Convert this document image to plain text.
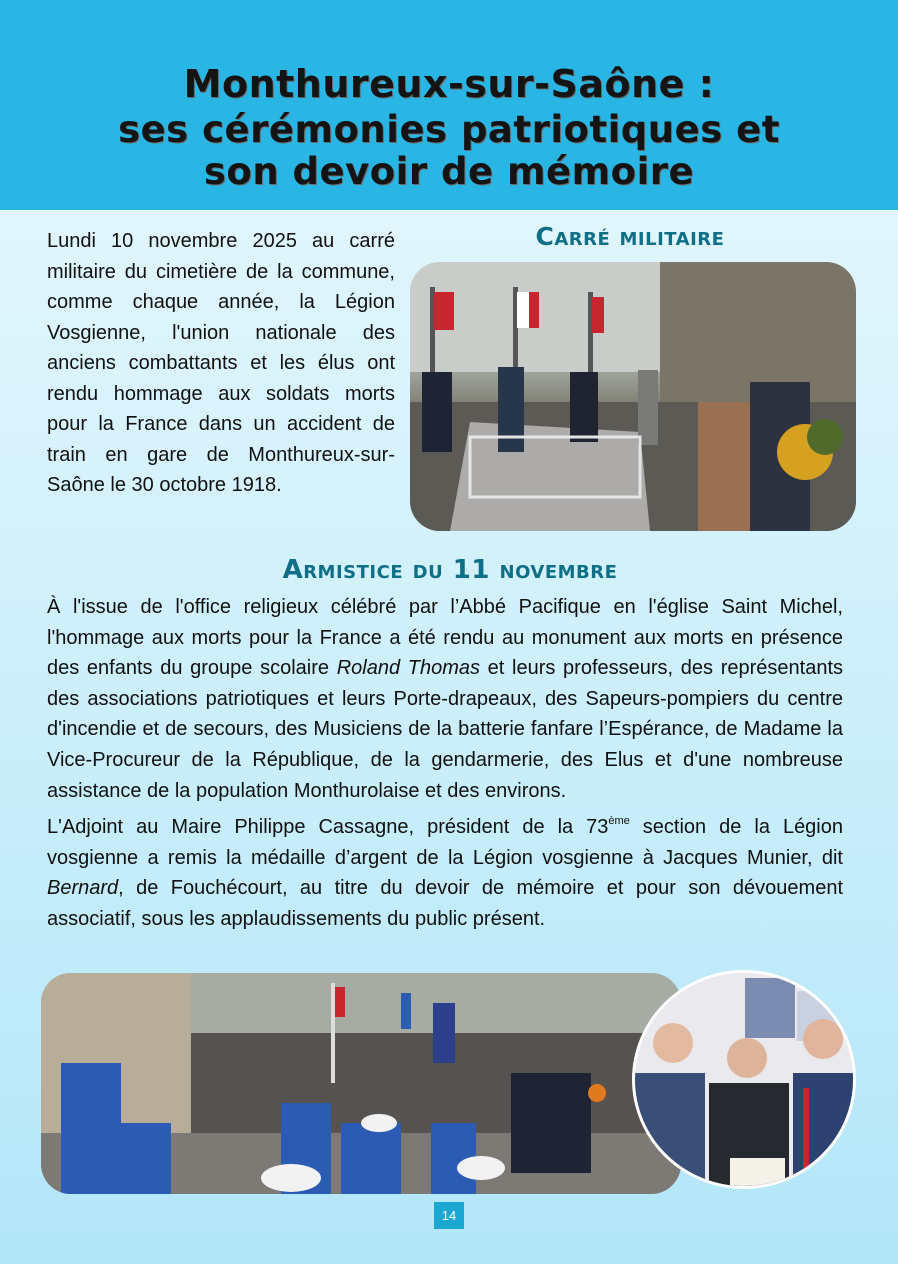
Monthureux-sur-Saône :
ses cérémonies patriotiques et
son devoir de mémoire

Lundi 10 novembre 2025 au carré militaire du cimetière de la commune, comme chaque année, la Légion Vosgienne, l'union nationale des anciens combattants et les élus ont rendu hommage aux soldats morts pour la France dans un accident de train en gare de Monthureux-sur-Saône le 30 octobre 1918.

Carré militaire
Armistice du 11 novembre

À l'issue de l'office religieux célébré par l’Abbé Pacifique en l'église Saint Michel, l'hommage aux morts pour la France a été rendu au monument aux morts en présence des enfants du groupe scolaire Roland Thomas et leurs professeurs, des représentants des associations patriotiques et leurs Porte-drapeaux, des Sapeurs-pompiers du centre d'incendie et de secours, des Musiciens de la batterie fanfare l’Espérance, de Madame la Vice-Procureur de la République, de la gendarmerie, des Elus et d'une nombreuse assistance de la population Monthurolaise et des environs.

L'Adjoint au Maire Philippe Cassagne, président de la 73ème section de la Légion vosgienne a remis la médaille d’argent de la Légion vosgienne à Jacques Munier, dit Bernard, de Fouchécourt, au titre du devoir de mémoire et pour son dévouement associatif, sous les applaudissements du public présent.

14
